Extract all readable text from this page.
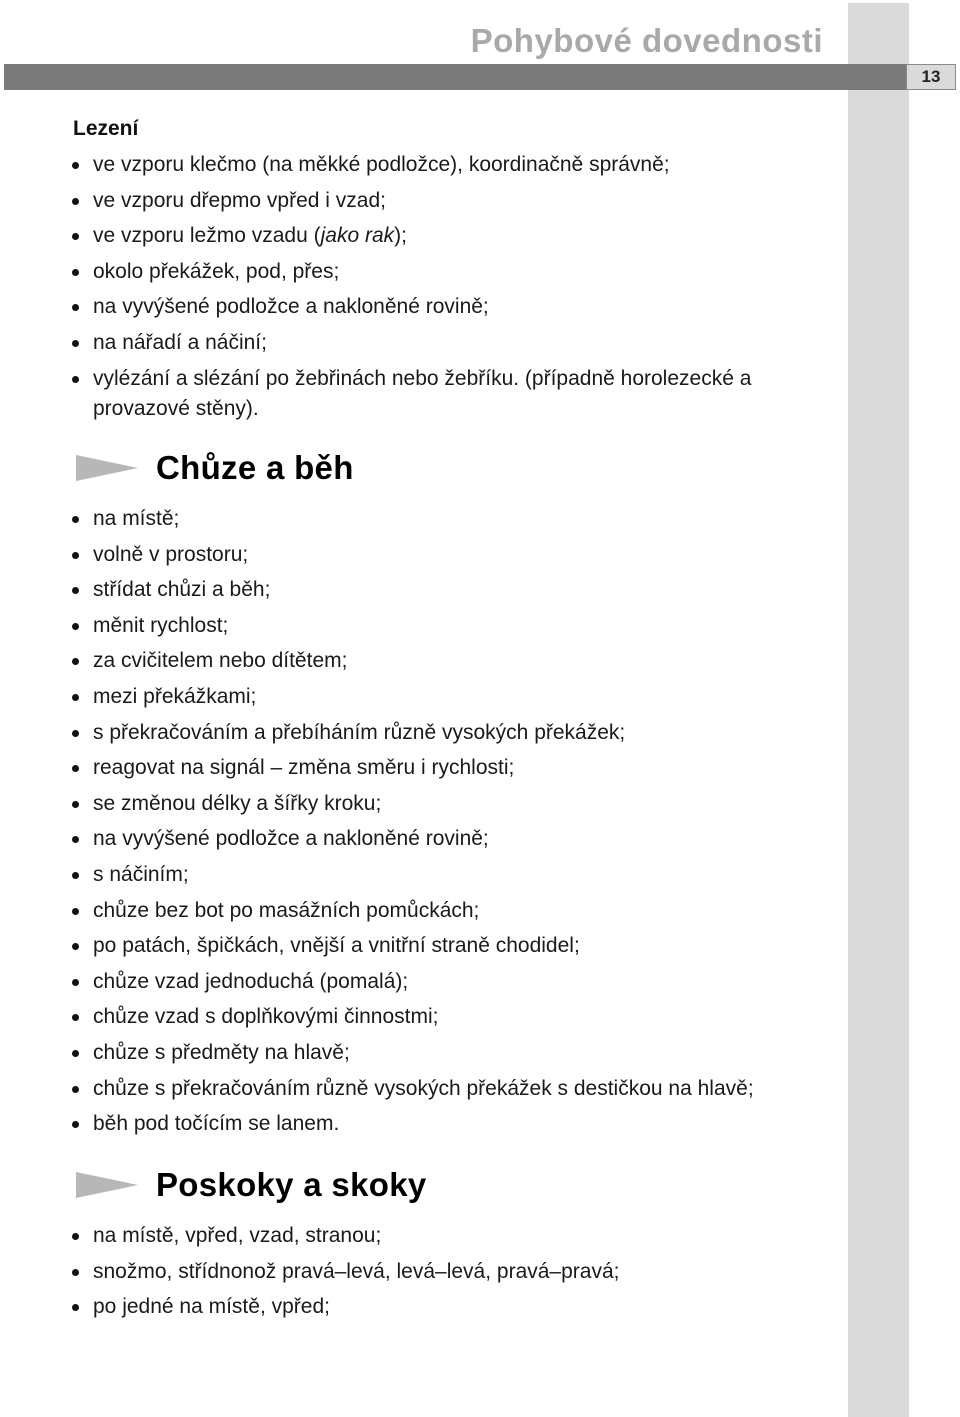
13
Pohybové dovednosti
Lezení
ve vzporu klečmo (na měkké podložce), koordinačně správně;
ve vzporu dřepmo vpřed i vzad;
ve vzporu ležmo vzadu (jako rak);
okolo překážek, pod, přes;
na vyvýšené podložce a nakloněné rovině;
na nářadí a náčiní;
vylézání a slézání po žebřinách nebo žebříku. (případně horolezecké a provazové stěny).
Chůze a běh
na místě;
volně v prostoru;
střídat chůzi a běh;
měnit rychlost;
za cvičitelem nebo dítětem;
mezi překážkami;
s překračováním a přebíháním různě vysokých překážek;
reagovat na signál – změna směru i rychlosti;
se změnou délky a šířky kroku;
na vyvýšené podložce a nakloněné rovině;
s náčiním;
chůze bez bot po masážních pomůckách;
po patách, špičkách, vnější a vnitřní straně chodidel;
chůze vzad jednoduchá (pomalá);
chůze vzad s doplňkovými činnostmi;
chůze s předměty na hlavě;
chůze s překračováním různě vysokých překážek s destičkou na hlavě;
běh pod točícím se lanem.
Poskoky a skoky
na místě, vpřed, vzad, stranou;
snožmo, střídnonož pravá–levá, levá–levá, pravá–pravá;
po jedné na místě, vpřed;
